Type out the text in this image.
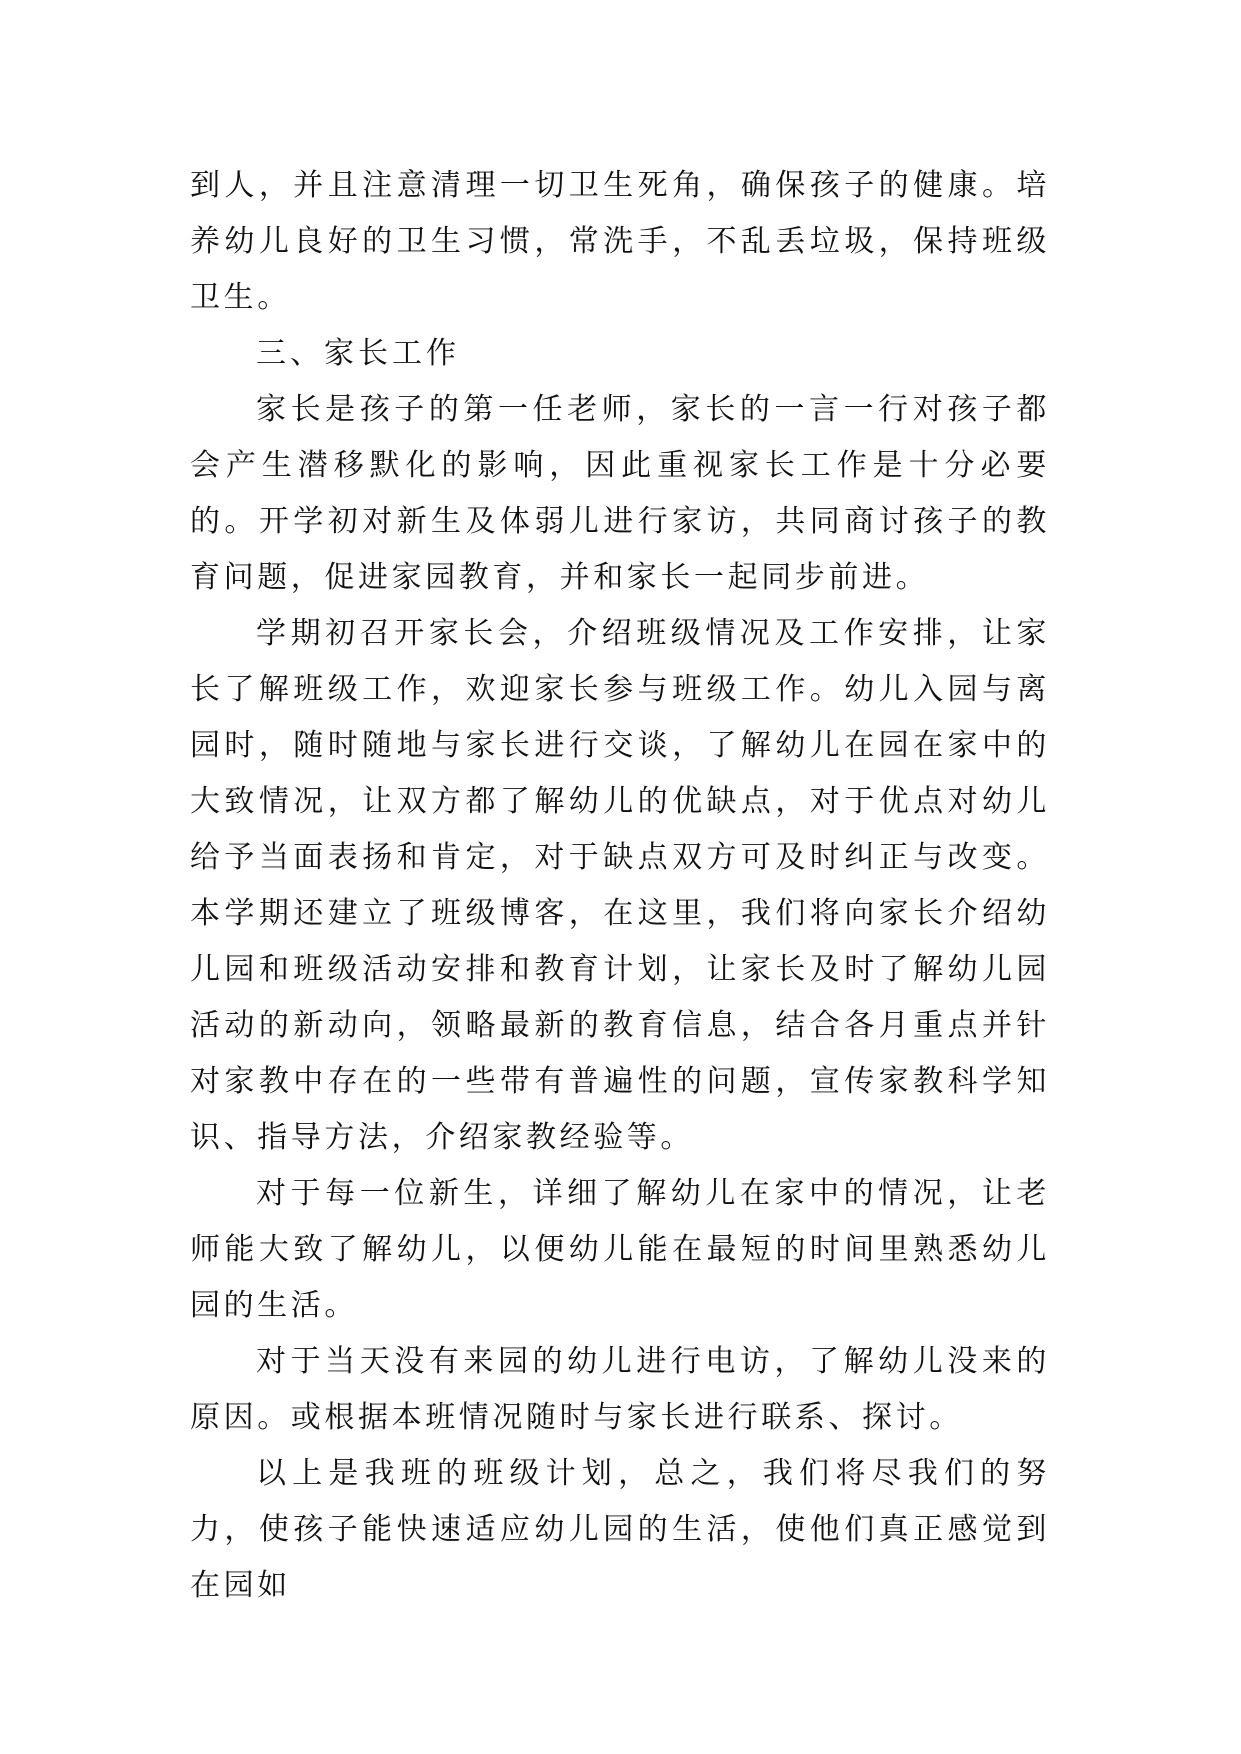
到人，并且注意清理一切卫生死角，确保孩子的健康。培养幼儿良好的卫生习惯，常洗手，不乱丢垃圾，保持班级卫生。

三、家长工作

家长是孩子的第一任老师，家长的一言一行对孩子都会产生潜移默化的影响，因此重视家长工作是十分必要的。开学初对新生及体弱儿进行家访，共同商讨孩子的教育问题，促进家园教育，并和家长一起同步前进。

学期初召开家长会，介绍班级情况及工作安排，让家长了解班级工作，欢迎家长参与班级工作。幼儿入园与离园时，随时随地与家长进行交谈，了解幼儿在园在家中的大致情况，让双方都了解幼儿的优缺点，对于优点对幼儿给予当面表扬和肯定，对于缺点双方可及时纠正与改变。本学期还建立了班级博客，在这里，我们将向家长介绍幼儿园和班级活动安排和教育计划，让家长及时了解幼儿园活动的新动向，领略最新的教育信息，结合各月重点并针对家教中存在的一些带有普遍性的问题，宣传家教科学知识、指导方法，介绍家教经验等。

对于每一位新生，详细了解幼儿在家中的情况，让老师能大致了解幼儿，以便幼儿能在最短的时间里熟悉幼儿园的生活。

对于当天没有来园的幼儿进行电访，了解幼儿没来的原因。或根据本班情况随时与家长进行联系、探讨。

以上是我班的班级计划，总之，我们将尽我们的努力，使孩子能快速适应幼儿园的生活，使他们真正感觉到在园如
